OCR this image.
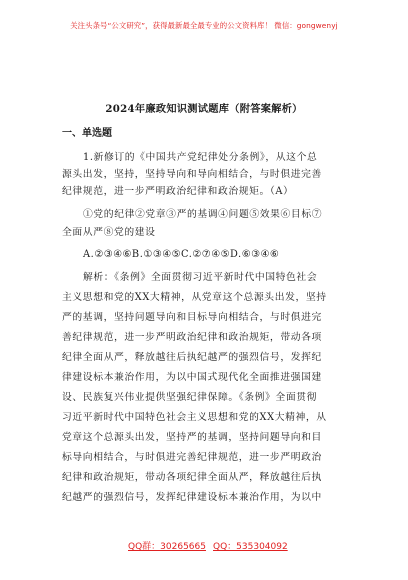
关注头条号“公文研究”，获得最新最全最专业的公文资料库！ 微信：gongwenyj
2024年廉政知识测试题库（附答案解析）
一、单选题
1.新修订的《中国共产党纪律处分条例》，从这个总
源头出发，坚持，坚持导向和导向相结合，与时俱进完善
纪律规范，进一步严明政治纪律和政治规矩。（A）
①党的纪律②党章③严的基调④问题⑤效果⑥目标⑦
全面从严⑧党的建设
A.②③④⑥B.①③④⑤C.②⑦④⑤D.⑥③④⑥
解析：《条例》全面贯彻习近平新时代中国特色社会
主义思想和党的XX大精神，从党章这个总源头出发，坚持
严的基调，坚持问题导向和目标导向相结合，与时俱进完
善纪律规范，进一步严明政治纪律和政治规矩，带动各项
纪律全面从严，释放越往后执纪越严的强烈信号，发挥纪
律建设标本兼治作用，为以中国式现代化全面推进强国建
设、民族复兴伟业提供坚强纪律保障。《条例》全面贯彻
习近平新时代中国特色社会主义思想和党的XX大精神，从
党章这个总源头出发，坚持严的基调，坚持问题导向和目
标导向相结合，与时俱进完善纪律规范，进一步严明政治
纪律和政治规矩，带动各项纪律全面从严，释放越往后执
纪越严的强烈信号，发挥纪律建设标本兼治作用，为以中
QQ群：30265665 QQ：535304092
